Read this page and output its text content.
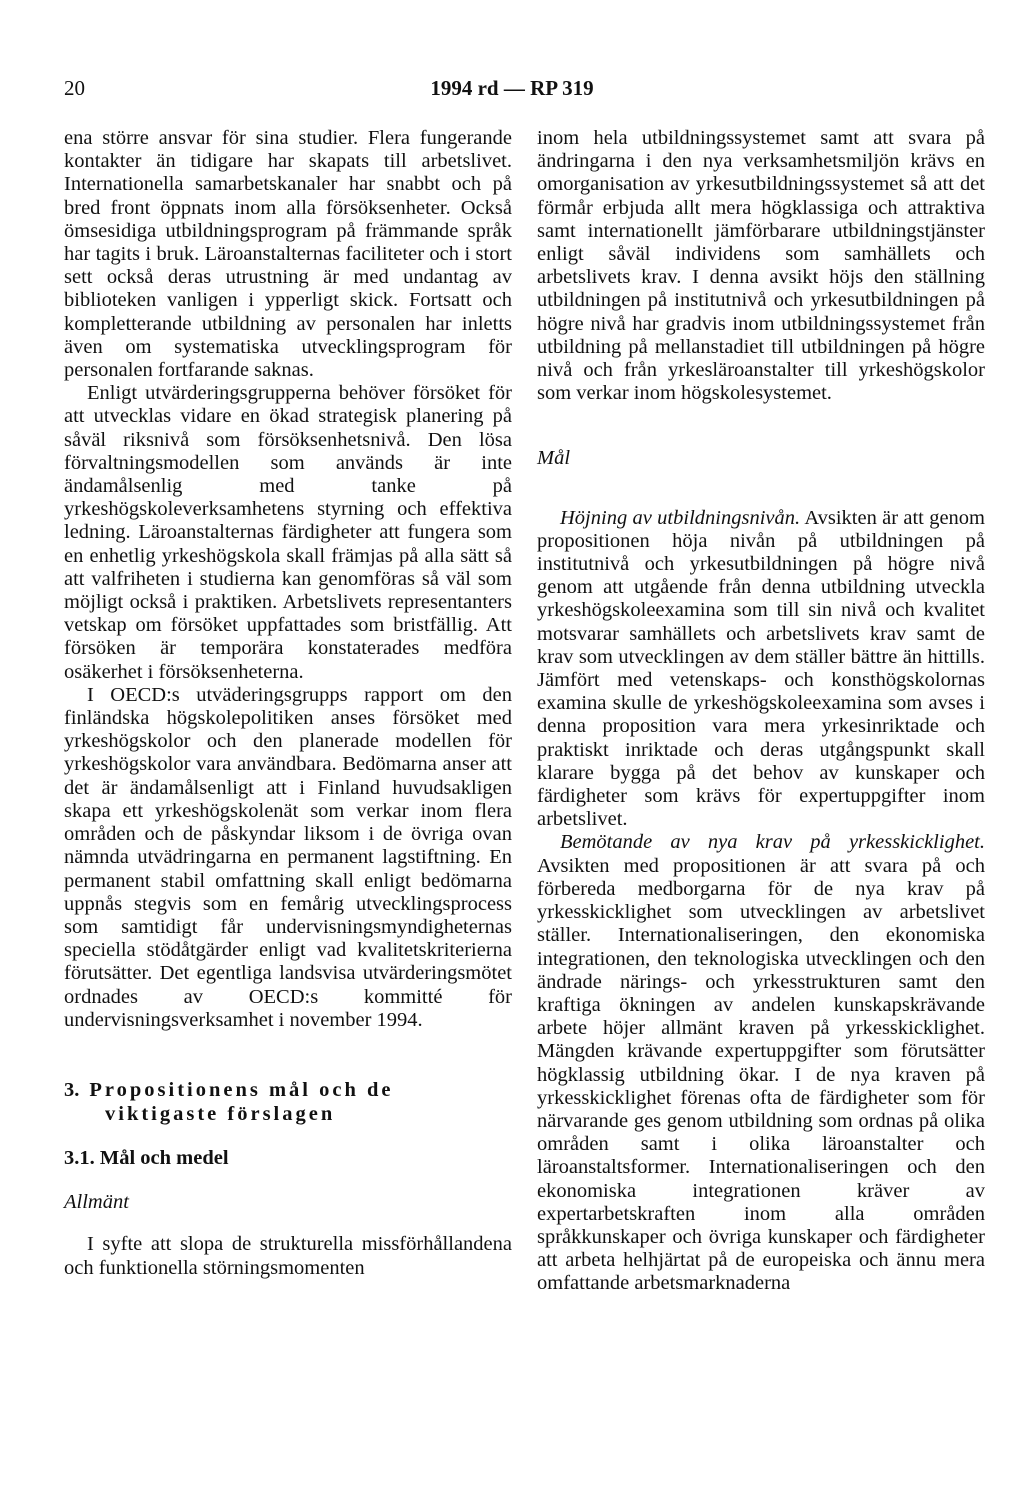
20	1994 rd — RP 319

ena större ansvar för sina studier. Flera fungerande kontakter än tidigare har skapats till arbetslivet. Internationella samarbetskanaler har snabbt och på bred front öppnats inom alla försöksenheter. Också ömsesidiga utbildningsprogram på främmande språk har tagits i bruk. Läroanstalternas faciliteter och i stort sett också deras utrustning är med undantag av biblioteken vanligen i ypperligt skick. Fortsatt och kompletterande utbildning av personalen har inletts även om systematiska utvecklingsprogram för personalen fortfarande saknas.

Enligt utvärderingsgrupperna behöver försöket för att utvecklas vidare en ökad strategisk planering på såväl riksnivå som försöksenhetsnivå. Den lösa förvaltningsmodellen som används är inte ändamålsenlig med tanke på yrkeshögskoleverksamhetens styrning och effektiva ledning. Läroanstalternas färdigheter att fungera som en enhetlig yrkeshögskola skall främjas på alla sätt så att valfriheten i studierna kan genomföras så väl som möjligt också i praktiken. Arbetslivets representanters vetskap om försöket uppfattades som bristfällig. Att försöken är temporära konstaterades medföra osäkerhet i försöksenheterna.

I OECD:s utväderingsgrupps rapport om den finländska högskolepolitiken anses försöket med yrkeshögskolor och den planerade modellen för yrkeshögskolor vara användbara. Bedömarna anser att det är ändamålsenligt att i Finland huvudsakligen skapa ett yrkeshögskolenät som verkar inom flera områden och de påskyndar liksom i de övriga ovan nämnda utvädringarna en permanent lagstiftning. En permanent stabil omfattning skall enligt bedömarna uppnås stegvis som en femårig utvecklingsprocess som samtidigt får undervisningsmyndigheternas speciella stödåtgärder enligt vad kvalitetskriterierna förutsätter. Det egentliga landsvisa utvärderingsmötet ordnades av OECD:s kommitté för undervisningsverksamhet i november 1994.

3. Propositionens mål och de
viktigaste förslagen

3.1. Mål och medel

Allmänt

I syfte att slopa de strukturella missförhållandena och funktionella störningsmomenten

inom hela utbildningssystemet samt att svara på ändringarna i den nya verksamhetsmiljön krävs en omorganisation av yrkesutbildningssystemet så att det förmår erbjuda allt mera högklassiga och attraktiva samt internationellt jämförbarare utbildningstjänster enligt såväl individens som samhällets och arbetslivets krav. I denna avsikt höjs den ställning utbildningen på institutnivå och yrkesutbildningen på högre nivå har gradvis inom utbildningssystemet från utbildning på mellanstadiet till utbildningen på högre nivå och från yrkesläroanstalter till yrkeshögskolor som verkar inom högskolesystemet.

Mål

Höjning av utbildningsnivån. Avsikten är att genom propositionen höja nivån på utbildningen på institutnivå och yrkesutbildningen på högre nivå genom att utgående från denna utbildning utveckla yrkeshögskoleexamina som till sin nivå och kvalitet motsvarar samhällets och arbetslivets krav samt de krav som utvecklingen av dem ställer bättre än hittills. Jämfört med vetenskaps- och konsthögskolornas examina skulle de yrkeshögskoleexamina som avses i denna proposition vara mera yrkesinriktade och praktiskt inriktade och deras utgångspunkt skall klarare bygga på det behov av kunskaper och färdigheter som krävs för expertuppgifter inom arbetslivet.

Bemötande av nya krav på yrkesskicklighet. Avsikten med propositionen är att svara på och förbereda medborgarna för de nya krav på yrkesskicklighet som utvecklingen av arbetslivet ställer. Internationaliseringen, den ekonomiska integrationen, den teknologiska utvecklingen och den ändrade närings- och yrkesstrukturen samt den kraftiga ökningen av andelen kunskapskrävande arbete höjer allmänt kraven på yrkesskicklighet. Mängden krävande expertuppgifter som förutsätter högklassig utbildning ökar. I de nya kraven på yrkesskicklighet förenas ofta de färdigheter som för närvarande ges genom utbildning som ordnas på olika områden samt i olika läroanstalter och läroanstaltsformer. Internationaliseringen och den ekonomiska integrationen kräver av expertarbetskraften inom alla områden språkkunskaper och övriga kunskaper och färdigheter att arbeta helhjärtat på de europeiska och ännu mera omfattande arbetsmarknaderna
